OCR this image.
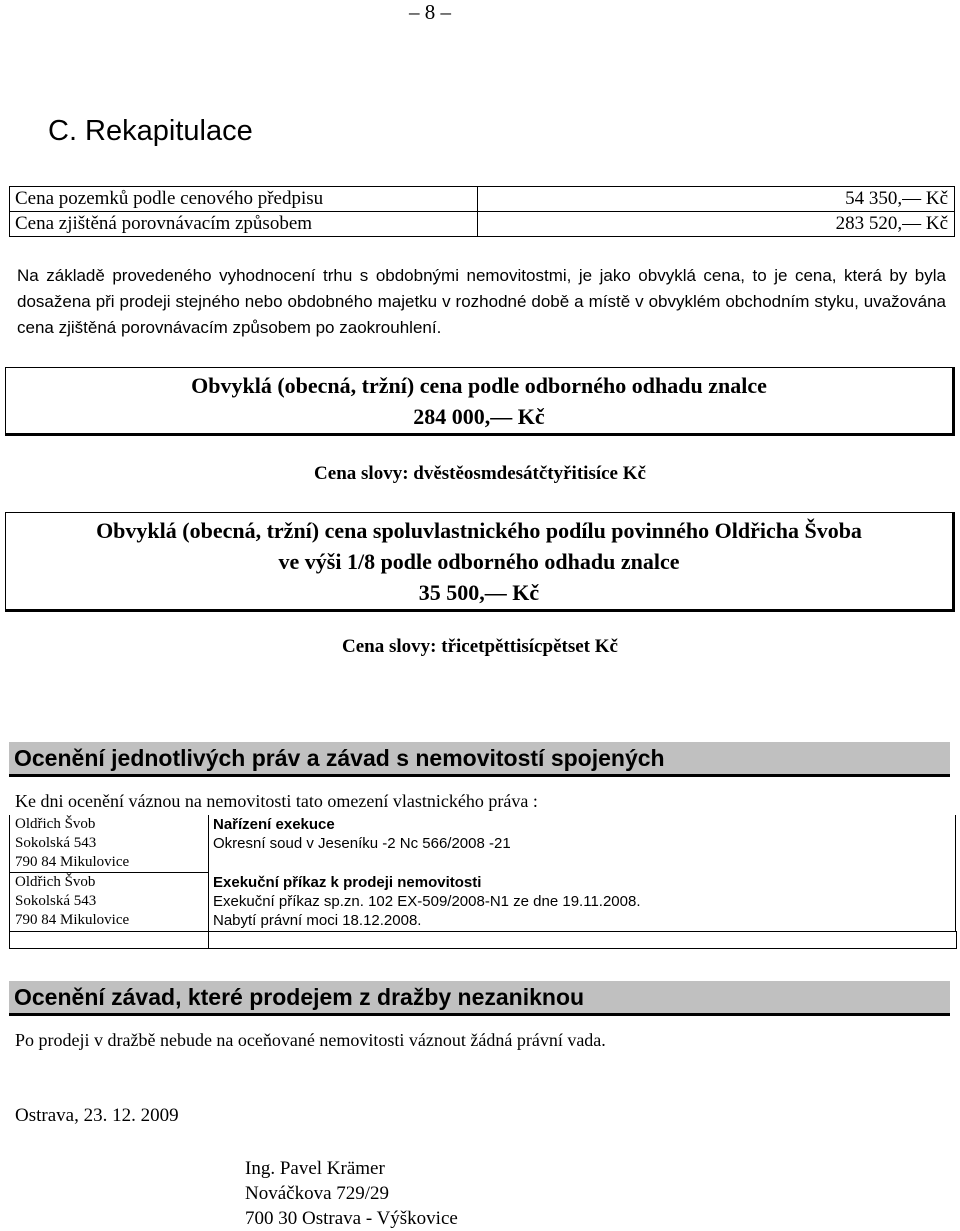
– 8 –
C. Rekapitulace
Cena pozemků podle cenového předpisu	54 350,— Kč
Cena zjištěná porovnávacím způsobem	283 520,— Kč
Na základě provedeného vyhodnocení trhu s obdobnými nemovitostmi, je jako obvyklá cena, to je cena, která by byla dosažena při prodeji stejného nebo obdobného majetku v rozhodné době a místě v obvyklém obchodním styku, uvažována cena zjištěná porovnávacím způsobem po zaokrouhlení.
Obvyklá (obecná, tržní) cena podle odborného odhadu znalce
284 000,— Kč
Cena slovy: dvěstěosmdesátčtyřitisíce Kč
Obvyklá (obecná, tržní) cena spoluvlastnického podílu povinného Oldřicha Švoba
ve výši 1/8 podle odborného odhadu znalce
35 500,— Kč
Cena slovy: třicetpěttisícpětset Kč
Ocenění jednotlivých práv a závad s nemovitostí spojených
Ke dni ocenění váznou na nemovitosti tato omezení vlastnického práva :
Oldřich Švob
Sokolská 543
790 84 Mikulovice
Oldřich Švob
Sokolská 543
790 84 Mikulovice
Nařízení exekuce
Okresní soud v Jeseníku -2 Nc 566/2008 -21
Exekuční příkaz k prodeji nemovitosti
Exekuční příkaz sp.zn. 102 EX-509/2008-N1 ze dne 19.11.2008.
Nabytí právní moci 18.12.2008.
Ocenění závad, které prodejem z dražby nezaniknou
Po prodeji v dražbě nebude na oceňované nemovitosti váznout žádná právní vada.
Ostrava, 23. 12. 2009
Ing. Pavel Krämer
Nováčkova 729/29
700 30 Ostrava - Výškovice
